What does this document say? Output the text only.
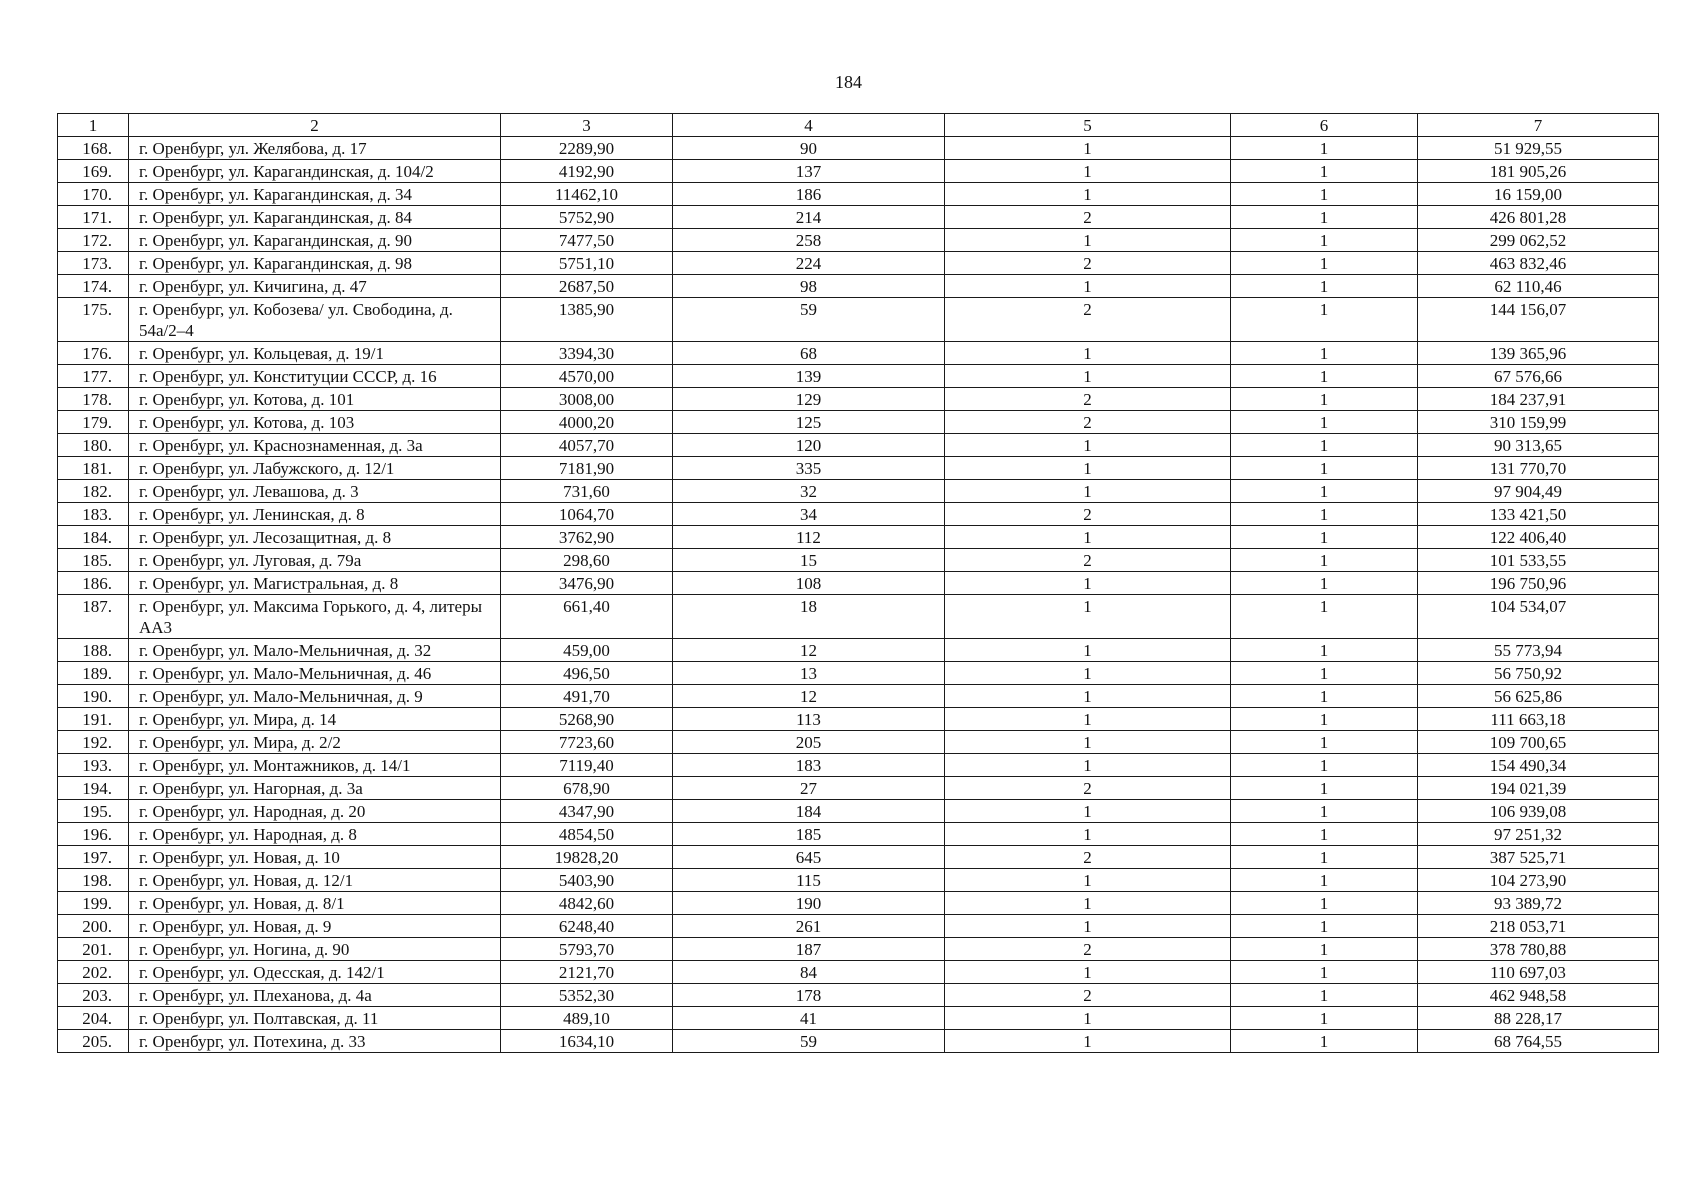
184
1	2	3	4	5	6	7
168.	г. Оренбург, ул. Желябова, д. 17	2289,90	90	1	1	51 929,55
169.	г. Оренбург, ул. Карагандинская, д. 104/2	4192,90	137	1	1	181 905,26
170.	г. Оренбург, ул. Карагандинская, д. 34	11462,10	186	1	1	16 159,00
171.	г. Оренбург, ул. Карагандинская, д. 84	5752,90	214	2	1	426 801,28
172.	г. Оренбург, ул. Карагандинская, д. 90	7477,50	258	1	1	299 062,52
173.	г. Оренбург, ул. Карагандинская, д. 98	5751,10	224	2	1	463 832,46
174.	г. Оренбург, ул. Кичигина, д. 47	2687,50	98	1	1	62 110,46
175.	г. Оренбург, ул. Кобозева/ ул. Свободина, д. 54а/2–4	1385,90	59	2	1	144 156,07
176.	г. Оренбург, ул. Кольцевая, д. 19/1	3394,30	68	1	1	139 365,96
177.	г. Оренбург, ул. Конституции СССР, д. 16	4570,00	139	1	1	67 576,66
178.	г. Оренбург, ул. Котова, д. 101	3008,00	129	2	1	184 237,91
179.	г. Оренбург, ул. Котова, д. 103	4000,20	125	2	1	310 159,99
180.	г. Оренбург, ул. Краснознаменная, д. 3а	4057,70	120	1	1	90 313,65
181.	г. Оренбург, ул. Лабужского, д. 12/1	7181,90	335	1	1	131 770,70
182.	г. Оренбург, ул. Левашова, д. 3	731,60	32	1	1	97 904,49
183.	г. Оренбург, ул. Ленинская, д. 8	1064,70	34	2	1	133 421,50
184.	г. Оренбург, ул. Лесозащитная, д. 8	3762,90	112	1	1	122 406,40
185.	г. Оренбург, ул. Луговая, д. 79а	298,60	15	2	1	101 533,55
186.	г. Оренбург, ул. Магистральная, д. 8	3476,90	108	1	1	196 750,96
187.	г. Оренбург, ул. Максима Горького, д. 4, литеры АА3	661,40	18	1	1	104 534,07
188.	г. Оренбург, ул. Мало-Мельничная, д. 32	459,00	12	1	1	55 773,94
189.	г. Оренбург, ул. Мало-Мельничная, д. 46	496,50	13	1	1	56 750,92
190.	г. Оренбург, ул. Мало-Мельничная, д. 9	491,70	12	1	1	56 625,86
191.	г. Оренбург, ул. Мира, д. 14	5268,90	113	1	1	111 663,18
192.	г. Оренбург, ул. Мира, д. 2/2	7723,60	205	1	1	109 700,65
193.	г. Оренбург, ул. Монтажников, д. 14/1	7119,40	183	1	1	154 490,34
194.	г. Оренбург, ул. Нагорная, д. 3а	678,90	27	2	1	194 021,39
195.	г. Оренбург, ул. Народная, д. 20	4347,90	184	1	1	106 939,08
196.	г. Оренбург, ул. Народная, д. 8	4854,50	185	1	1	97 251,32
197.	г. Оренбург, ул. Новая, д. 10	19828,20	645	2	1	387 525,71
198.	г. Оренбург, ул. Новая, д. 12/1	5403,90	115	1	1	104 273,90
199.	г. Оренбург, ул. Новая, д. 8/1	4842,60	190	1	1	93 389,72
200.	г. Оренбург, ул. Новая, д. 9	6248,40	261	1	1	218 053,71
201.	г. Оренбург, ул. Ногина, д. 90	5793,70	187	2	1	378 780,88
202.	г. Оренбург, ул. Одесская, д. 142/1	2121,70	84	1	1	110 697,03
203.	г. Оренбург, ул. Плеханова, д. 4а	5352,30	178	2	1	462 948,58
204.	г. Оренбург, ул. Полтавская, д. 11	489,10	41	1	1	88 228,17
205.	г. Оренбург, ул. Потехина, д. 33	1634,10	59	1	1	68 764,55
